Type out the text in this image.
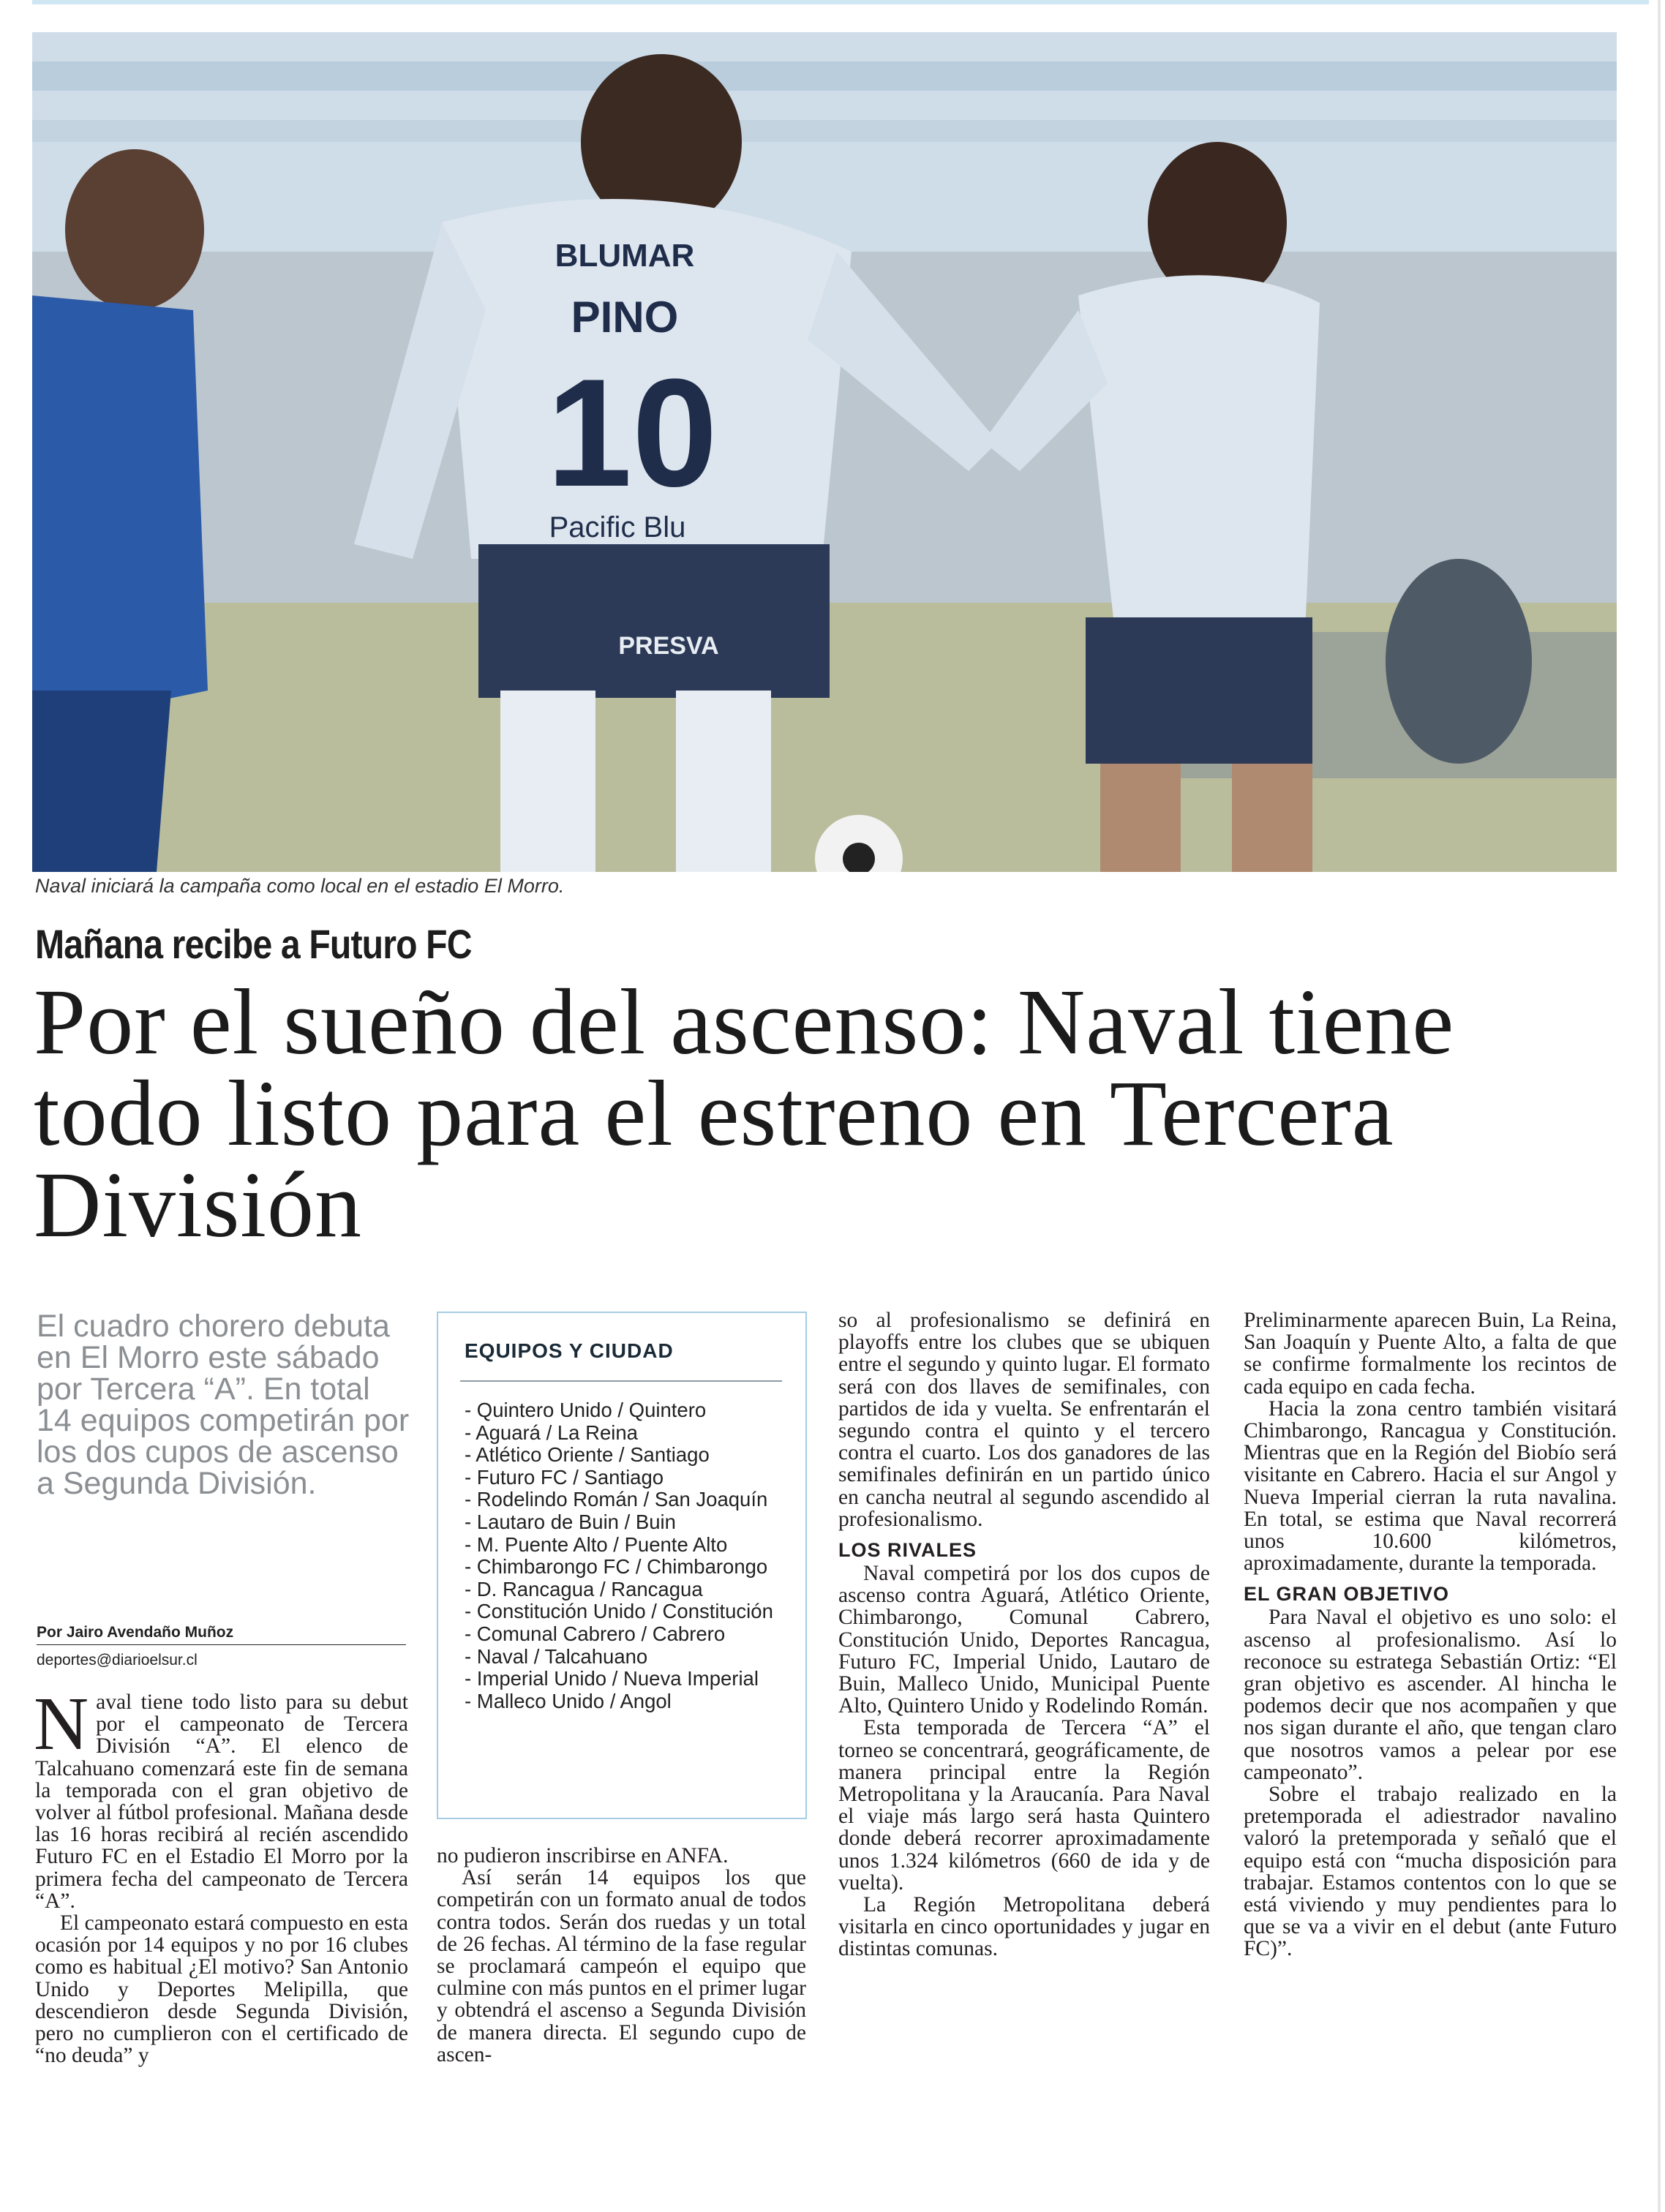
BLUMAR
PINO
10
Pacific Blu
PRESVA
Naval iniciará la campaña como local en el estadio El Morro.
Mañana recibe a Futuro FC
Por el sueño del ascenso: Naval tiene todo listo para el estreno en Tercera División

El cuadro chorero debuta en El Morro este sábado por Tercera “A”. En total 14 equipos competirán por los dos cupos de ascenso a Segunda División.

Por Jairo Avendaño Muñoz
deportes@diarioelsur.cl

Naval tiene todo listo para su debut por el campeonato de Tercera División “A”. El elenco de Talcahuano comenzará este fin de semana la temporada con el gran objetivo de volver al fútbol profesional. Mañana desde las 16 horas recibirá al recién ascendido Futuro FC en el Estadio El Morro por la primera fecha del campeonato de Tercera “A”.

El campeonato estará compuesto en esta ocasión por 14 equipos y no por 16 clubes como es habitual ¿El motivo? San Antonio Unido y Deportes Melipilla, que descendieron desde Segunda División, pero no cumplieron con el certificado de “no deuda” y

EQUIPOS Y CIUDAD
- Quintero Unido / Quintero
- Aguará / La Reina
- Atlético Oriente / Santiago
- Futuro FC / Santiago
- Rodelindo Román / San Joaquín
- Lautaro de Buin / Buin
- M. Puente Alto / Puente Alto
- Chimbarongo FC / Chimbarongo
- D. Rancagua / Rancagua
- Constitución Unido / Constitución
- Comunal Cabrero / Cabrero
- Naval / Talcahuano
- Imperial Unido / Nueva Imperial
- Malleco Unido / Angol

no pudieron inscribirse en ANFA.

Así serán 14 equipos los que competirán con un formato anual de todos contra todos. Serán dos ruedas y un total de 26 fechas. Al término de la fase regular se proclamará campeón el equipo que culmine con más puntos en el primer lugar y obtendrá el ascenso a Segunda División de manera directa. El segundo cupo de ascen-

so al profesionalismo se definirá en playoffs entre los clubes que se ubiquen entre el segundo y quinto lugar. El formato será con dos llaves de semifinales, con partidos de ida y vuelta. Se enfrentarán el segundo contra el quinto y el tercero contra el cuarto. Los dos ganadores de las semifinales definirán en un partido único en cancha neutral al segundo ascendido al profesionalismo.

LOS RIVALES

Naval competirá por los dos cupos de ascenso contra Aguará, Atlético Oriente, Chimbarongo, Comunal Cabrero, Constitución Unido, Deportes Rancagua, Futuro FC, Imperial Unido, Lautaro de Buin, Malleco Unido, Municipal Puente Alto, Quintero Unido y Rodelindo Román.

Esta temporada de Tercera “A” el torneo se concentrará, geográficamente, de manera principal entre la Región Metropolitana y la Araucanía. Para Naval el viaje más largo será hasta Quintero donde deberá recorrer aproximadamente unos 1.324 kilómetros (660 de ida y de vuelta).

La Región Metropolitana deberá visitarla en cinco oportunidades y jugar en distintas comunas.

Preliminarmente aparecen Buin, La Reina, San Joaquín y Puente Alto, a falta de que se confirme formalmente los recintos de cada equipo en cada fecha.

Hacia la zona centro también visitará Chimbarongo, Rancagua y Constitución. Mientras que en la Región del Biobío será visitante en Cabrero. Hacia el sur Angol y Nueva Imperial cierran la ruta navalina. En total, se estima que Naval recorrerá unos 10.600 kilómetros, aproximadamente, durante la temporada.

EL GRAN OBJETIVO

Para Naval el objetivo es uno solo: el ascenso al profesionalismo. Así lo reconoce su estratega Sebastián Ortiz: “El gran objetivo es ascender. Al hincha le podemos decir que nos acompañen y que nos sigan durante el año, que tengan claro que nosotros vamos a pelear por ese campeonato”.

Sobre el trabajo realizado en la pretemporada el adiestrador navalino valoró la pretemporada y señaló que el equipo está con “mucha disposición para trabajar. Estamos contentos con lo que se está viviendo y muy pendientes para lo que se va a vivir en el debut (ante Futuro FC)”.
